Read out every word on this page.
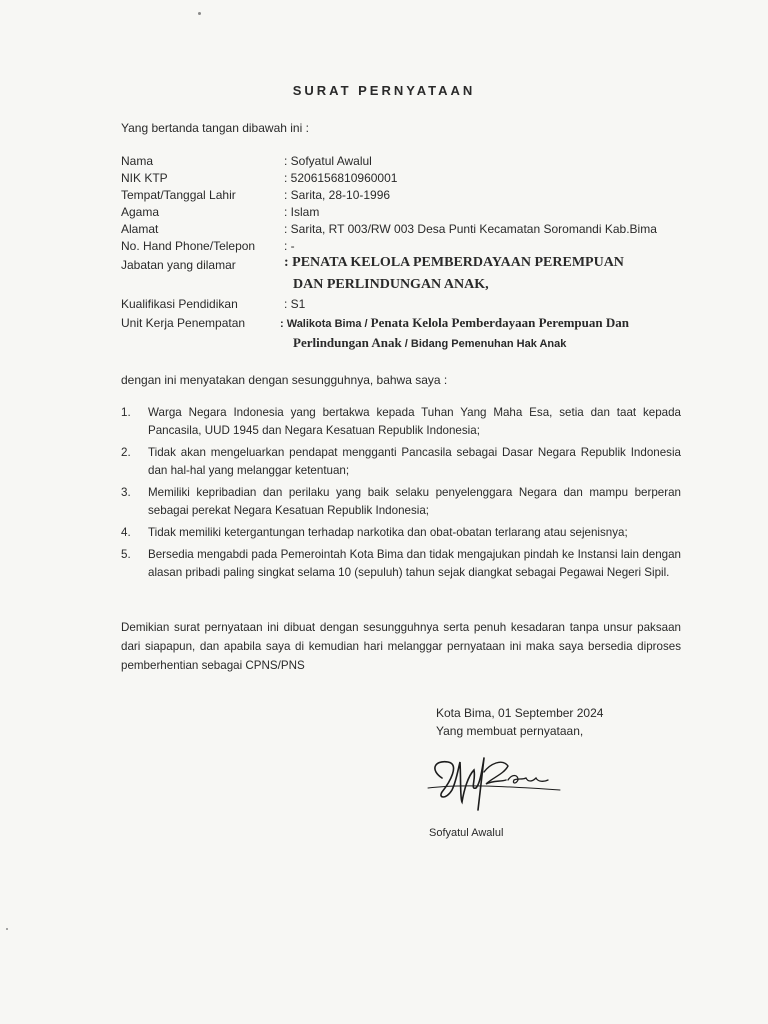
SURAT PERNYATAAN
Yang bertanda tangan dibawah ini :
Nama	: Sofyatul Awalul
NIK KTP	: 5206156810960001
Tempat/Tanggal Lahir	: Sarita, 28-10-1996
Agama	: Islam
Alamat	: Sarita, RT 003/RW 003 Desa Punti Kecamatan Soromandi Kab.Bima
No. Hand Phone/Telepon : -
Jabatan yang dilamar	: PENATA KELOLA PEMBERDAYAAN PEREMPUAN
DAN PERLINDUNGAN ANAK,
Kualifikasi Pendidikan	: S1
Unit Kerja Penempatan	: Walikota Bima / Penata Kelola Pemberdayaan Perempuan Dan
Perlindungan Anak / Bidang Pemenuhan Hak Anak
dengan ini menyatakan dengan sesungguhnya, bahwa saya :
1. Warga Negara Indonesia yang bertakwa kepada Tuhan Yang Maha Esa, setia dan taat kepada Pancasila, UUD 1945 dan Negara Kesatuan Republik Indonesia;
2. Tidak akan mengeluarkan pendapat mengganti Pancasila sebagai Dasar Negara Republik Indonesia dan hal-hal yang melanggar ketentuan;
3. Memiliki kepribadian dan perilaku yang baik selaku penyelenggara Negara dan mampu berperan sebagai perekat Negara Kesatuan Republik Indonesia;
4. Tidak memiliki ketergantungan terhadap narkotika dan obat-obatan terlarang atau sejenisnya;
5. Bersedia mengabdi pada Pemerointah Kota Bima dan tidak mengajukan pindah ke Instansi lain dengan alasan pribadi paling singkat selama 10 (sepuluh) tahun sejak diangkat sebagai Pegawai Negeri Sipil.
Demikian surat pernyataan ini dibuat dengan sesungguhnya serta penuh kesadaran tanpa unsur paksaan dari siapapun, dan apabila saya di kemudian hari melanggar pernyataan ini maka saya bersedia diproses pemberhentian sebagai CPNS/PNS
Kota Bima, 01 September 2024
Yang membuat pernyataan,
Sofyatul Awalul
